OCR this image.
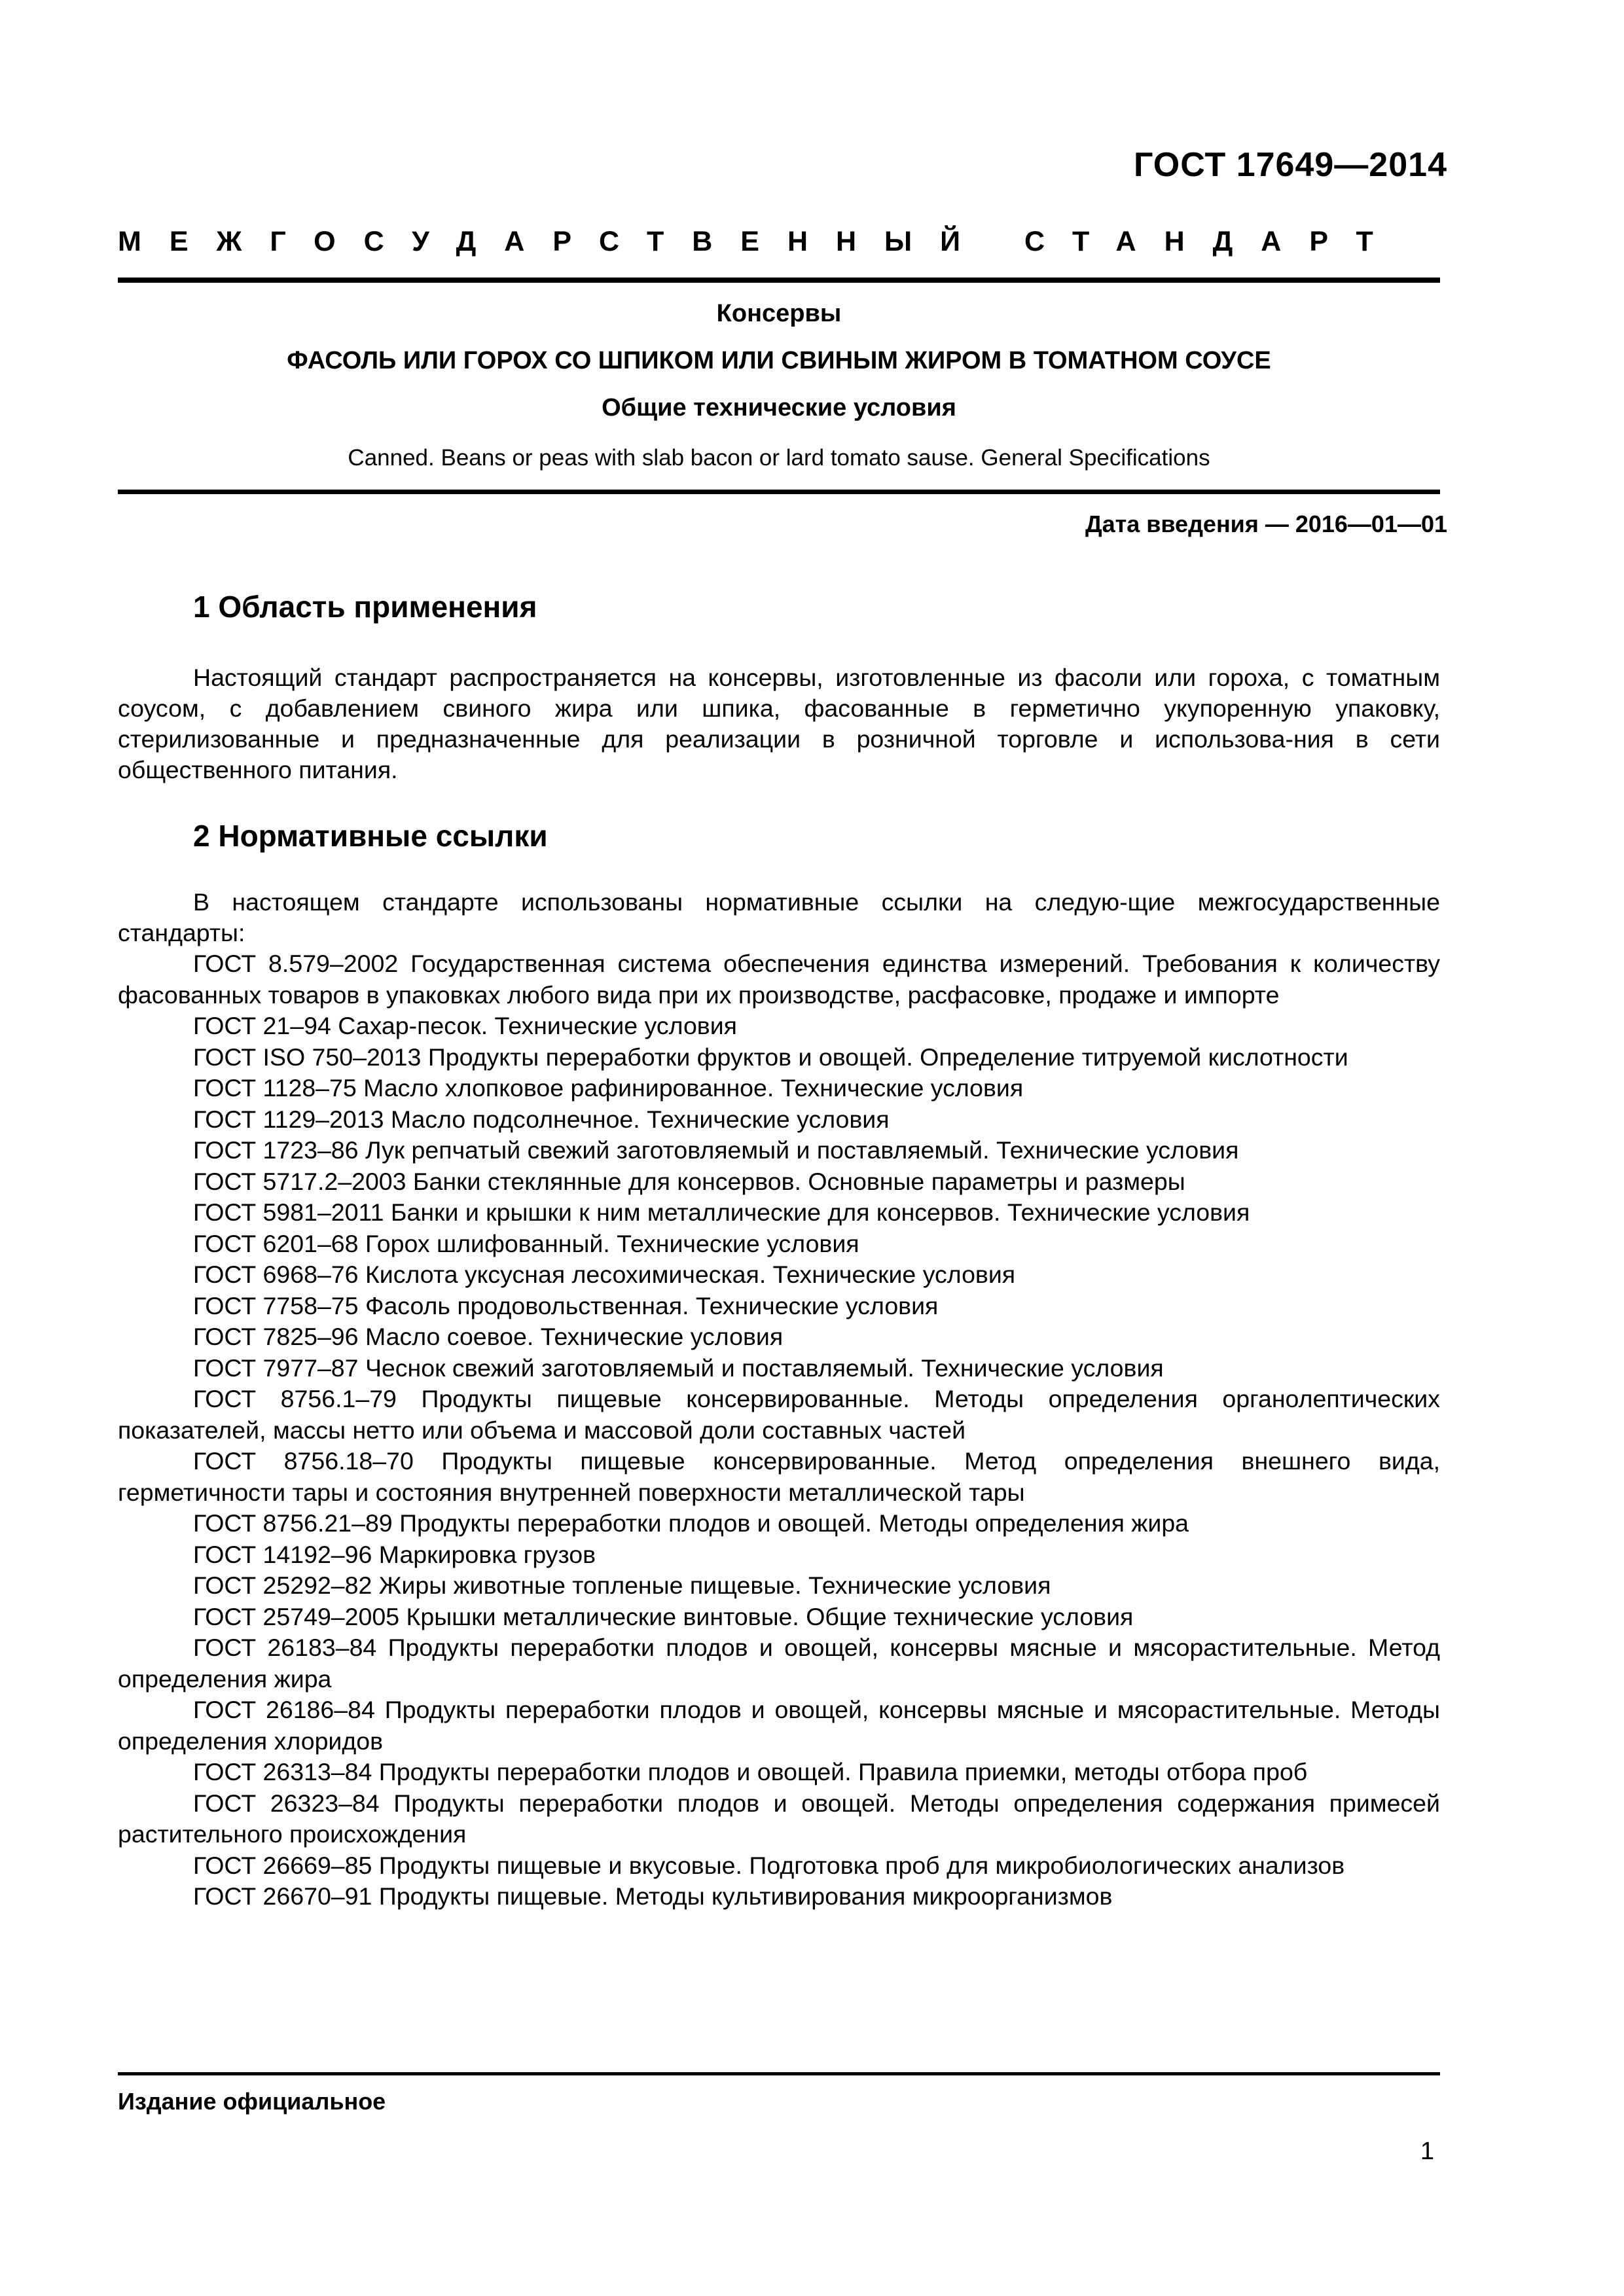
ГОСТ 17649—2014
МЕЖГОСУДАРСТВЕННЫЙ СТАНДАРТ
Консервы
ФАСОЛЬ ИЛИ ГОРОХ СО ШПИКОМ ИЛИ СВИНЫМ ЖИРОМ В ТОМАТНОМ СОУСЕ
Общие технические условия
Canned. Beans or peas with slab bacon or lard tomato sause. General Specifications
Дата введения — 2016—01—01
1 Область применения
Настоящий стандарт распространяется на консервы, изготовленные из фасоли или гороха, с томатным соусом, с добавлением свиного жира или шпика, фасованные в герметично укупоренную упаковку, стерилизованные и предназначенные для реализации в розничной торговле и использова-ния в сети общественного питания.
2 Нормативные ссылки
В настоящем стандарте использованы нормативные ссылки на следую-щие межгосударственные стандарты:
ГОСТ 8.579–2002 Государственная система обеспечения единства измерений. Требования к количеству фасованных товаров в упаковках любого вида при их производстве, расфасовке, продаже и импорте
ГОСТ 21–94 Сахар-песок. Технические условия
ГОСТ ISO 750–2013 Продукты переработки фруктов и овощей. Определение титруемой кислотности
ГОСТ 1128–75 Масло хлопковое рафинированное. Технические условия
ГОСТ 1129–2013 Масло подсолнечное. Технические условия
ГОСТ 1723–86 Лук репчатый свежий заготовляемый и поставляемый. Технические условия
ГОСТ 5717.2–2003 Банки стеклянные для консервов. Основные параметры и размеры
ГОСТ 5981–2011 Банки и крышки к ним металлические для консервов. Технические условия
ГОСТ 6201–68 Горох шлифованный. Технические условия
ГОСТ 6968–76 Кислота уксусная лесохимическая. Технические условия
ГОСТ 7758–75 Фасоль продовольственная. Технические условия
ГОСТ 7825–96 Масло соевое. Технические условия
ГОСТ 7977–87 Чеснок свежий заготовляемый и поставляемый. Технические условия
ГОСТ 8756.1–79 Продукты пищевые консервированные. Методы определения органолептических показателей, массы нетто или объема и массовой доли составных частей
ГОСТ 8756.18–70 Продукты пищевые консервированные. Метод определения внешнего вида, герметичности тары и состояния внутренней поверхности металлической тары
ГОСТ 8756.21–89 Продукты переработки плодов и овощей. Методы определения жира
ГОСТ 14192–96 Маркировка грузов
ГОСТ 25292–82 Жиры животные топленые пищевые. Технические условия
ГОСТ 25749–2005 Крышки металлические винтовые. Общие технические условия
ГОСТ 26183–84 Продукты переработки плодов и овощей, консервы мясные и мясорастительные. Метод определения жира
ГОСТ 26186–84 Продукты переработки плодов и овощей, консервы мясные и мясорастительные. Методы определения хлоридов
ГОСТ 26313–84 Продукты переработки плодов и овощей. Правила приемки, методы отбора проб
ГОСТ 26323–84 Продукты переработки плодов и овощей. Методы определения содержания примесей растительного происхождения
ГОСТ 26669–85 Продукты пищевые и вкусовые. Подготовка проб для микробиологических анализов
ГОСТ 26670–91 Продукты пищевые. Методы культивирования микроорганизмов
Издание официальное
1
